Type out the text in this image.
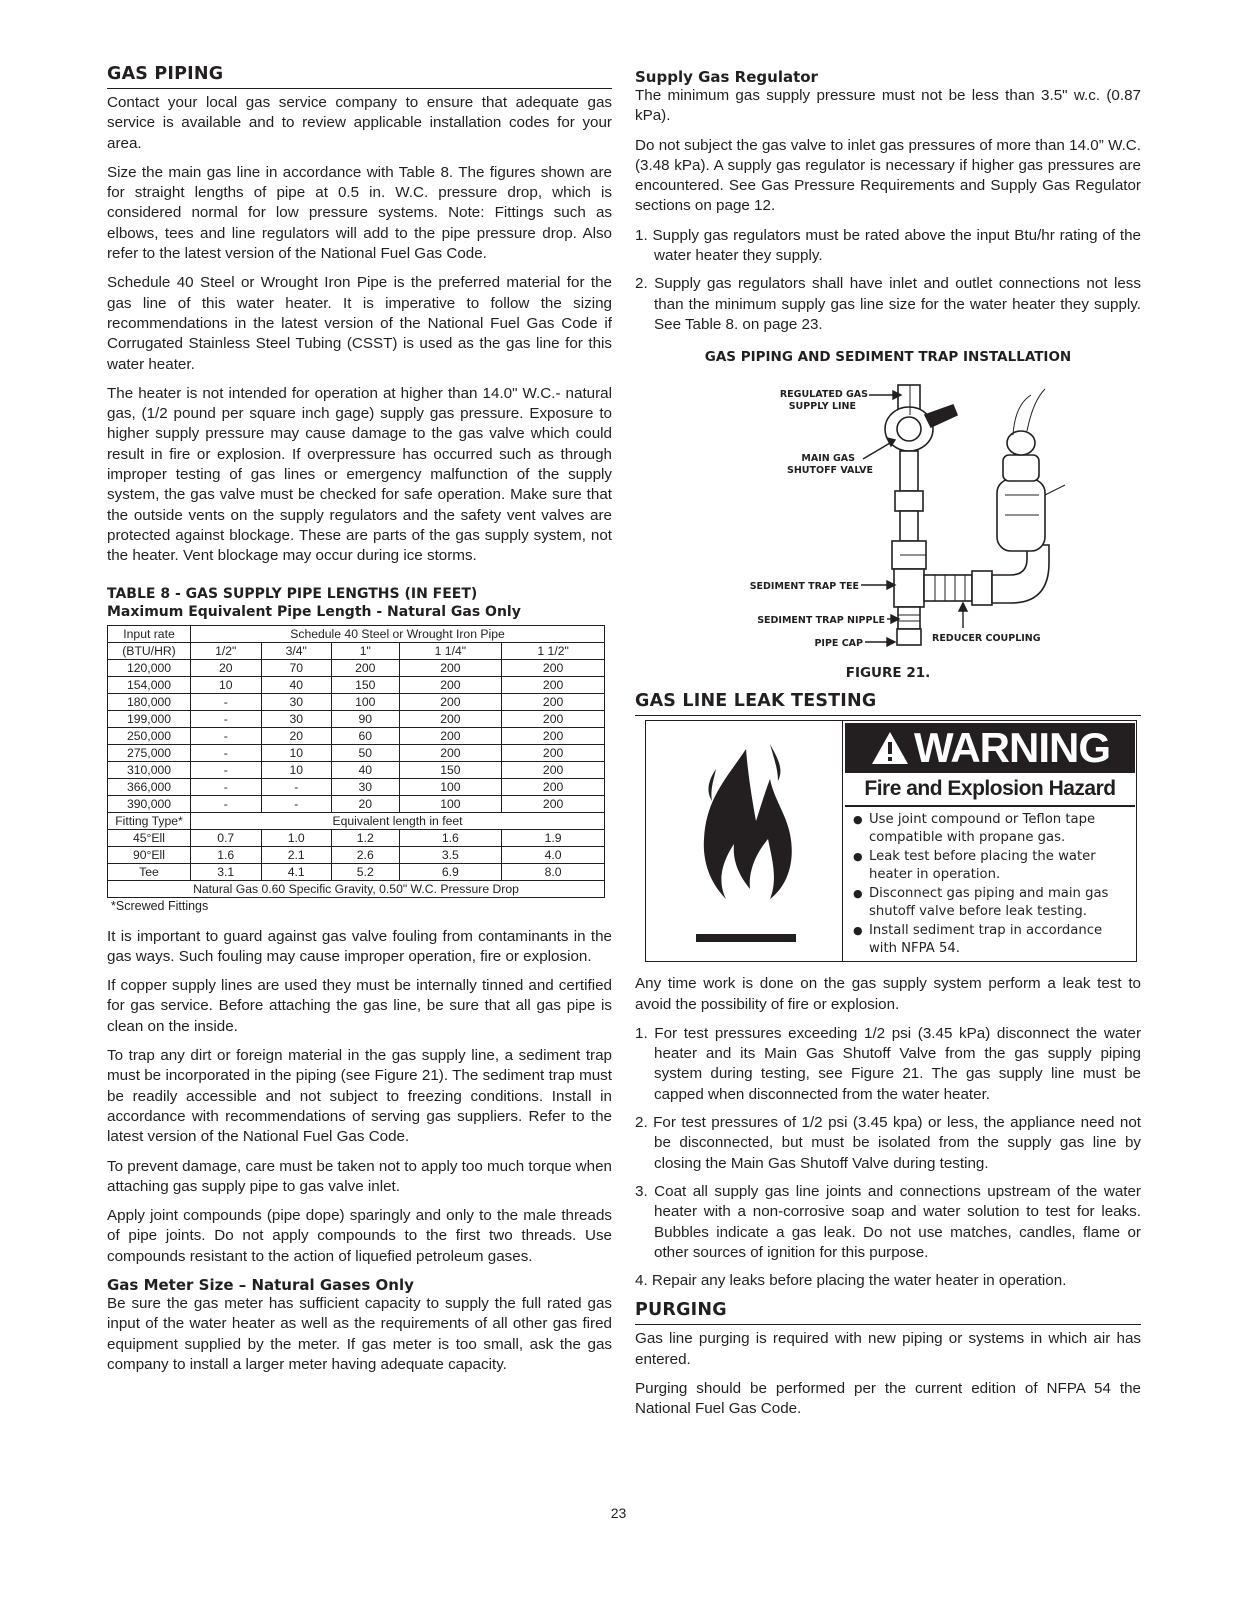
GAS PIPING

Contact your local gas service company to ensure that adequate gas service is available and to review applicable installation codes for your area.

Size the main gas line in accordance with Table 8. The figures shown are for straight lengths of pipe at 0.5 in. W.C. pressure drop, which is considered normal for low pressure systems. Note: Fittings such as elbows, tees and line regulators will add to the pipe pressure drop. Also refer to the latest version of the National Fuel Gas Code.

Schedule 40 Steel or Wrought Iron Pipe is the preferred material for the gas line of this water heater. It is imperative to follow the sizing recommendations in the latest version of the National Fuel Gas Code if Corrugated Stainless Steel Tubing (CSST) is used as the gas line for this water heater.

The heater is not intended for operation at higher than 14.0" W.C.- natural gas, (1/2 pound per square inch gage) supply gas pressure. Exposure to higher supply pressure may cause damage to the gas valve which could result in fire or explosion. If overpressure has occurred such as through improper testing of gas lines or emergency malfunction of the supply system, the gas valve must be checked for safe operation. Make sure that the outside vents on the supply regulators and the safety vent valves are protected against blockage. These are parts of the gas supply system, not the heater. Vent blockage may occur during ice storms.

TABLE 8 - GAS SUPPLY PIPE LENGTHS (IN FEET)
Maximum Equivalent Pipe Length - Natural Gas Only
Input rate	Schedule 40 Steel or Wrought Iron Pipe				
(BTU/HR)	1/2"	3/4"	1"	1 1/4"	1 1/2"
120,000	20	70	200	200	200
154,000	10	40	150	200	200
180,000	-	30	100	200	200
199,000	-	30	90	200	200
250,000	-	20	60	200	200
275,000	-	10	50	200	200
310,000	-	10	40	150	200
366,000	-	-	30	100	200
390,000	-	-	20	100	200
Fitting Type*	Equivalent length in feet				
45°Ell	0.7	1.0	1.2	1.6	1.9
90°Ell	1.6	2.1	2.6	3.5	4.0
Tee	3.1	4.1	5.2	6.9	8.0
Natural Gas 0.60 Specific Gravity, 0.50" W.C. Pressure Drop					
*Screwed Fittings

It is important to guard against gas valve fouling from contaminants in the gas ways. Such fouling may cause improper operation, fire or explosion.

If copper supply lines are used they must be internally tinned and certified for gas service. Before attaching the gas line, be sure that all gas pipe is clean on the inside.

To trap any dirt or foreign material in the gas supply line, a sediment trap must be incorporated in the piping (see Figure 21). The sediment trap must be readily accessible and not subject to freezing conditions. Install in accordance with recommendations of serving gas suppliers. Refer to the latest version of the National Fuel Gas Code.

To prevent damage, care must be taken not to apply too much torque when attaching gas supply pipe to gas valve inlet.

Apply joint compounds (pipe dope) sparingly and only to the male threads of pipe joints. Do not apply compounds to the first two threads. Use compounds resistant to the action of liquefied petroleum gases.

Gas Meter Size – Natural Gases Only

Be sure the gas meter has sufficient capacity to supply the full rated gas input of the water heater as well as the requirements of all other gas fired equipment supplied by the meter. If gas meter is too small, ask the gas company to install a larger meter having adequate capacity.

Supply Gas Regulator

The minimum gas supply pressure must not be less than 3.5" w.c. (0.87 kPa).

Do not subject the gas valve to inlet gas pressures of more than 14.0” W.C. (3.48 kPa). A supply gas regulator is necessary if higher gas pressures are encountered. See Gas Pressure Requirements and Supply Gas Regulator sections on page 12.

1. Supply gas regulators must be rated above the input Btu/hr rating of the water heater they supply.
2. Supply gas regulators shall have inlet and outlet connections not less than the minimum supply gas line size for the water heater they supply. See Table 8. on page 23.
GAS PIPING AND SEDIMENT TRAP INSTALLATION
REGULATED GAS
SUPPLY LINE
MAIN GAS
SHUTOFF VALVE
SEDIMENT TRAP TEE
SEDIMENT TRAP NIPPLE
PIPE CAP	REDUCER COUPLING
FIGURE 21.
GAS LINE LEAK TESTING
WARNING
Fire and Explosion Hazard
● Use joint compound or Teflon tape compatible with propane gas.
● Leak test before placing the water heater in operation.
● Disconnect gas piping and main gas shutoff valve before leak testing.
● Install sediment trap in accordance with NFPA 54.

Any time work is done on the gas supply system perform a leak test to avoid the possibility of fire or explosion.

1. For test pressures exceeding 1/2 psi (3.45 kPa) disconnect the water heater and its Main Gas Shutoff Valve from the gas supply piping system during testing, see Figure 21. The gas supply line must be capped when disconnected from the water heater.
2. For test pressures of 1/2 psi (3.45 kpa) or less, the appliance need not be disconnected, but must be isolated from the supply gas line by closing the Main Gas Shutoff Valve during testing.
3. Coat all supply gas line joints and connections upstream of the water heater with a non-corrosive soap and water solution to test for leaks. Bubbles indicate a gas leak. Do not use matches, candles, flame or other sources of ignition for this purpose.
4. Repair any leaks before placing the water heater in operation.
PURGING

Gas line purging is required with new piping or systems in which air has entered.

Purging should be performed per the current edition of NFPA 54 the National Fuel Gas Code.

23
